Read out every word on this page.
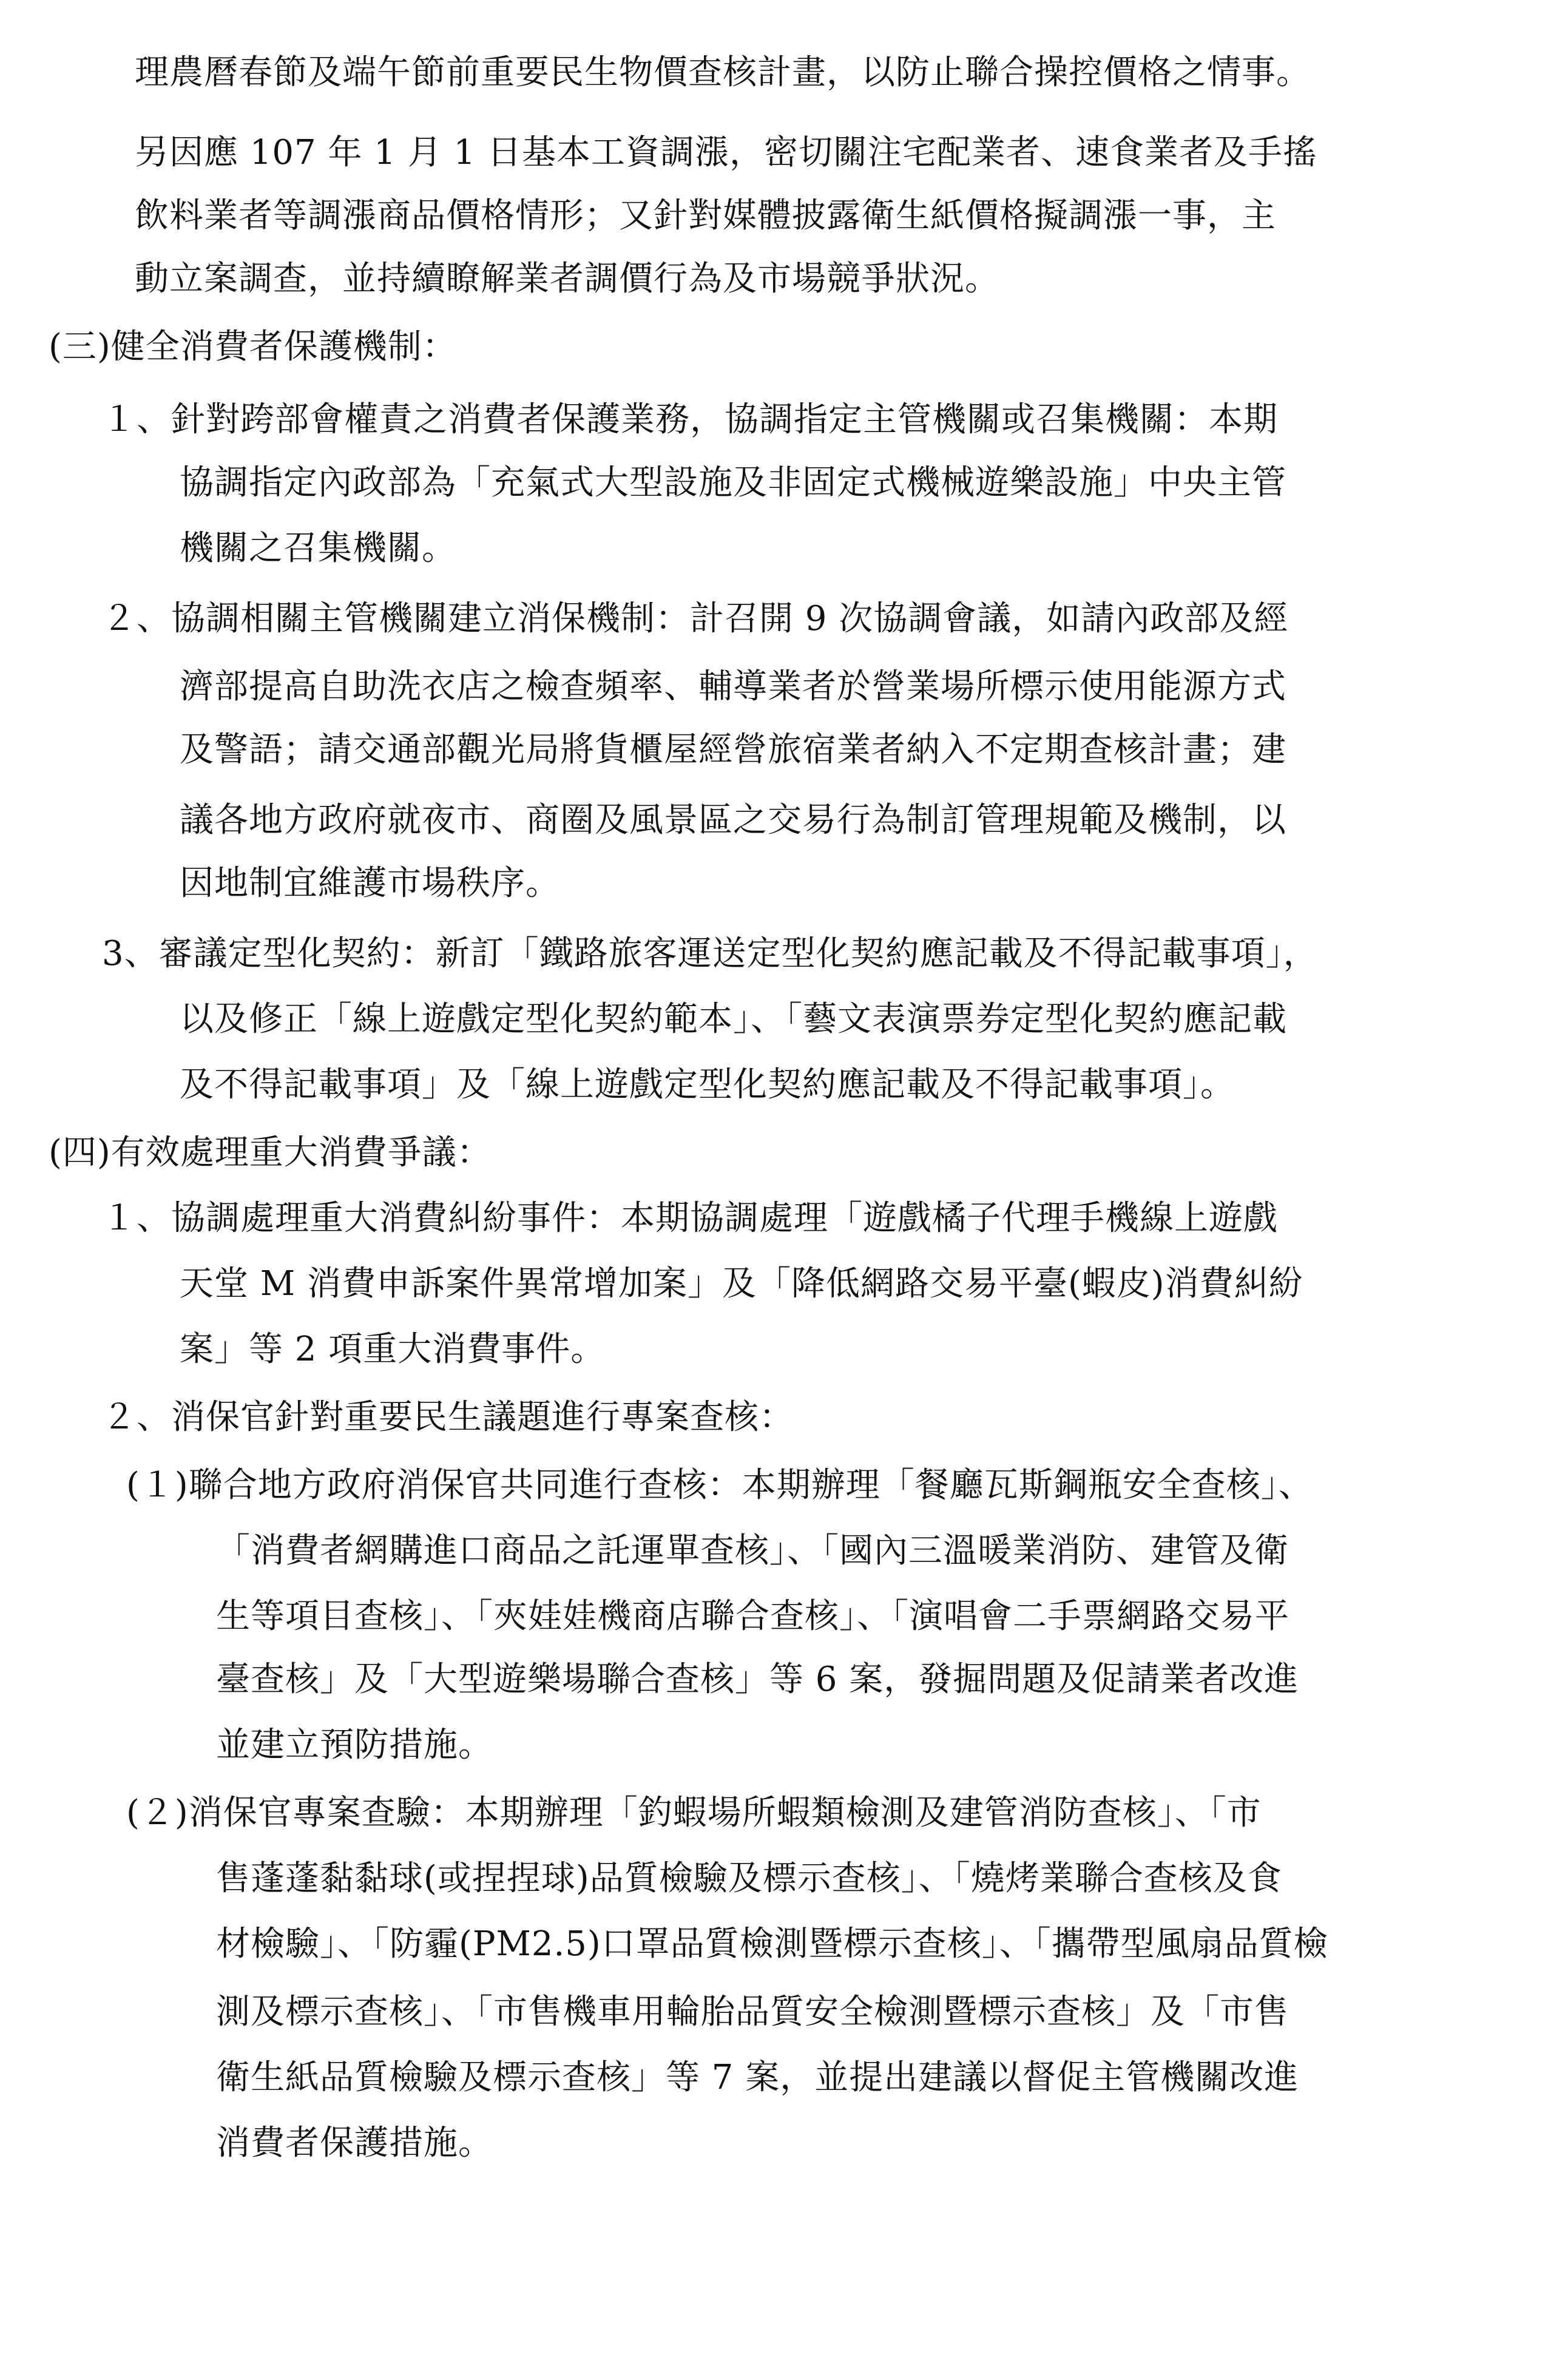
理農曆春節及端午節前重要民生物價查核計畫，以防止聯合操控價格之情事。

另因應 107 年 1 月 1 日基本工資調漲，密切關注宅配業者、速食業者及手搖

飲料業者等調漲商品價格情形；又針對媒體披露衛生紙價格擬調漲一事，主

動立案調查，並持續瞭解業者調價行為及市場競爭狀況。

(三)健全消費者保護機制：

１、針對跨部會權責之消費者保護業務，協調指定主管機關或召集機關：本期

協調指定內政部為「充氣式大型設施及非固定式機械遊樂設施」中央主管

機關之召集機關。

２、協調相關主管機關建立消保機制：計召開 9 次協調會議，如請內政部及經

濟部提高自助洗衣店之檢查頻率、輔導業者於營業場所標示使用能源方式

及警語；請交通部觀光局將貨櫃屋經營旅宿業者納入不定期查核計畫；建

議各地方政府就夜市、商圈及風景區之交易行為制訂管理規範及機制，以

因地制宜維護市場秩序。

3、審議定型化契約：新訂「鐵路旅客運送定型化契約應記載及不得記載事項」，

以及修正「線上遊戲定型化契約範本」、「藝文表演票券定型化契約應記載

及不得記載事項」及「線上遊戲定型化契約應記載及不得記載事項」。

(四)有效處理重大消費爭議：

１、協調處理重大消費糾紛事件：本期協調處理「遊戲橘子代理手機線上遊戲

天堂 M 消費申訴案件異常增加案」及「降低網路交易平臺(蝦皮)消費糾紛

案」等 2 項重大消費事件。

２、消保官針對重要民生議題進行專案查核：

(１)聯合地方政府消保官共同進行查核：本期辦理「餐廳瓦斯鋼瓶安全查核」、

「消費者網購進口商品之託運單查核」、「國內三溫暖業消防、建管及衛

生等項目查核」、「夾娃娃機商店聯合查核」、「演唱會二手票網路交易平

臺查核」及「大型遊樂場聯合查核」等 6 案，發掘問題及促請業者改進

並建立預防措施。

(２)消保官專案查驗：本期辦理「釣蝦場所蝦類檢測及建管消防查核」、「市

售蓬蓬黏黏球(或捏捏球)品質檢驗及標示查核」、「燒烤業聯合查核及食

材檢驗」、「防霾(PM2.5)口罩品質檢測暨標示查核」、「攜帶型風扇品質檢

測及標示查核」、「市售機車用輪胎品質安全檢測暨標示查核」及「市售

衛生紙品質檢驗及標示查核」等 7 案，並提出建議以督促主管機關改進

消費者保護措施。
